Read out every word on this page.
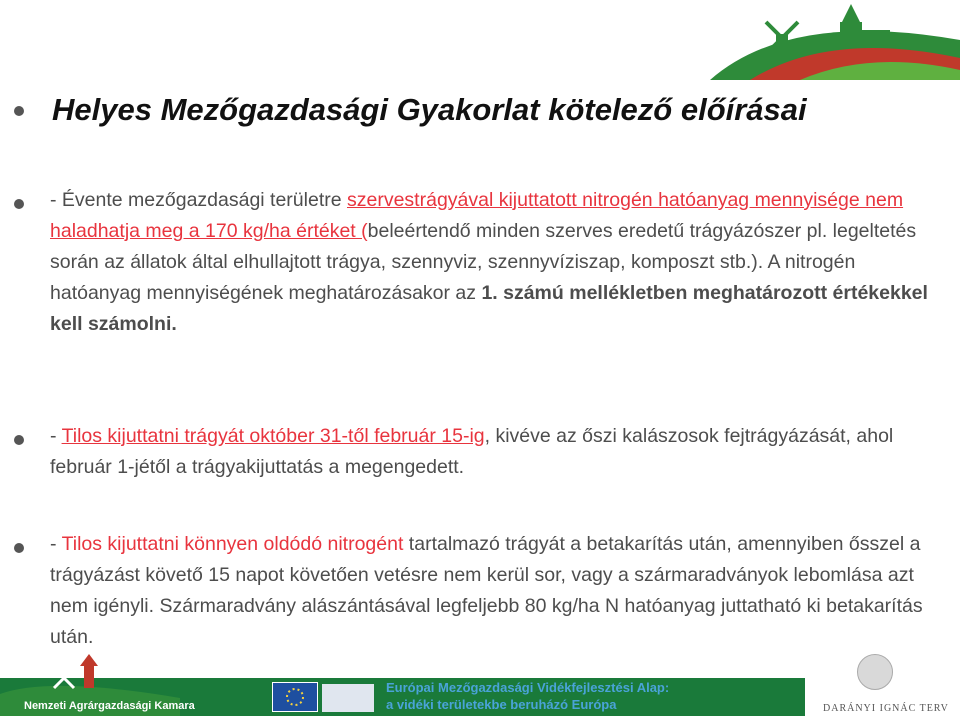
Helyes Mezőgazdasági Gyakorlat kötelező előírásai
- Évente mezőgazdasági területre szervestrágyával kijuttatott nitrogén hatóanyag mennyisége nem haladhatja meg a 170 kg/ha értéket (beleértendő minden szerves eredetű trágyázószer pl. legeltetés során az állatok által elhullajtott trágya, szennyviz, szennyvíziszap, komposzt stb.). A nitrogén hatóanyag mennyiségének meghatározásakor az 1. számú mellékletben meghatározott értékekkel kell számolni.
- Tilos kijuttatni trágyát október 31-től február 15-ig, kivéve az őszi kalászosok fejtrágyázását, ahol február 1-jétől a trágyakijuttatás a megengedett.
- Tilos kijuttatni könnyen oldódó nitrogént tartalmazó trágyát a betakarítás után, amennyiben ősszel a trágyázást követő 15 napot követően vetésre nem kerül sor, vagy a szármaradványok lebomlása azt nem igényli. Szármaradvány alászántásával legfeljebb 80 kg/ha N hatóanyag juttatható ki betakarítás után.
Európai Mezőgazdasági Vidékfejlesztési Alap:
a vidéki területekbe beruházó Európa
Nemzeti Agrárgazdasági Kamara	DARÁNYI IGNÁC TERV
